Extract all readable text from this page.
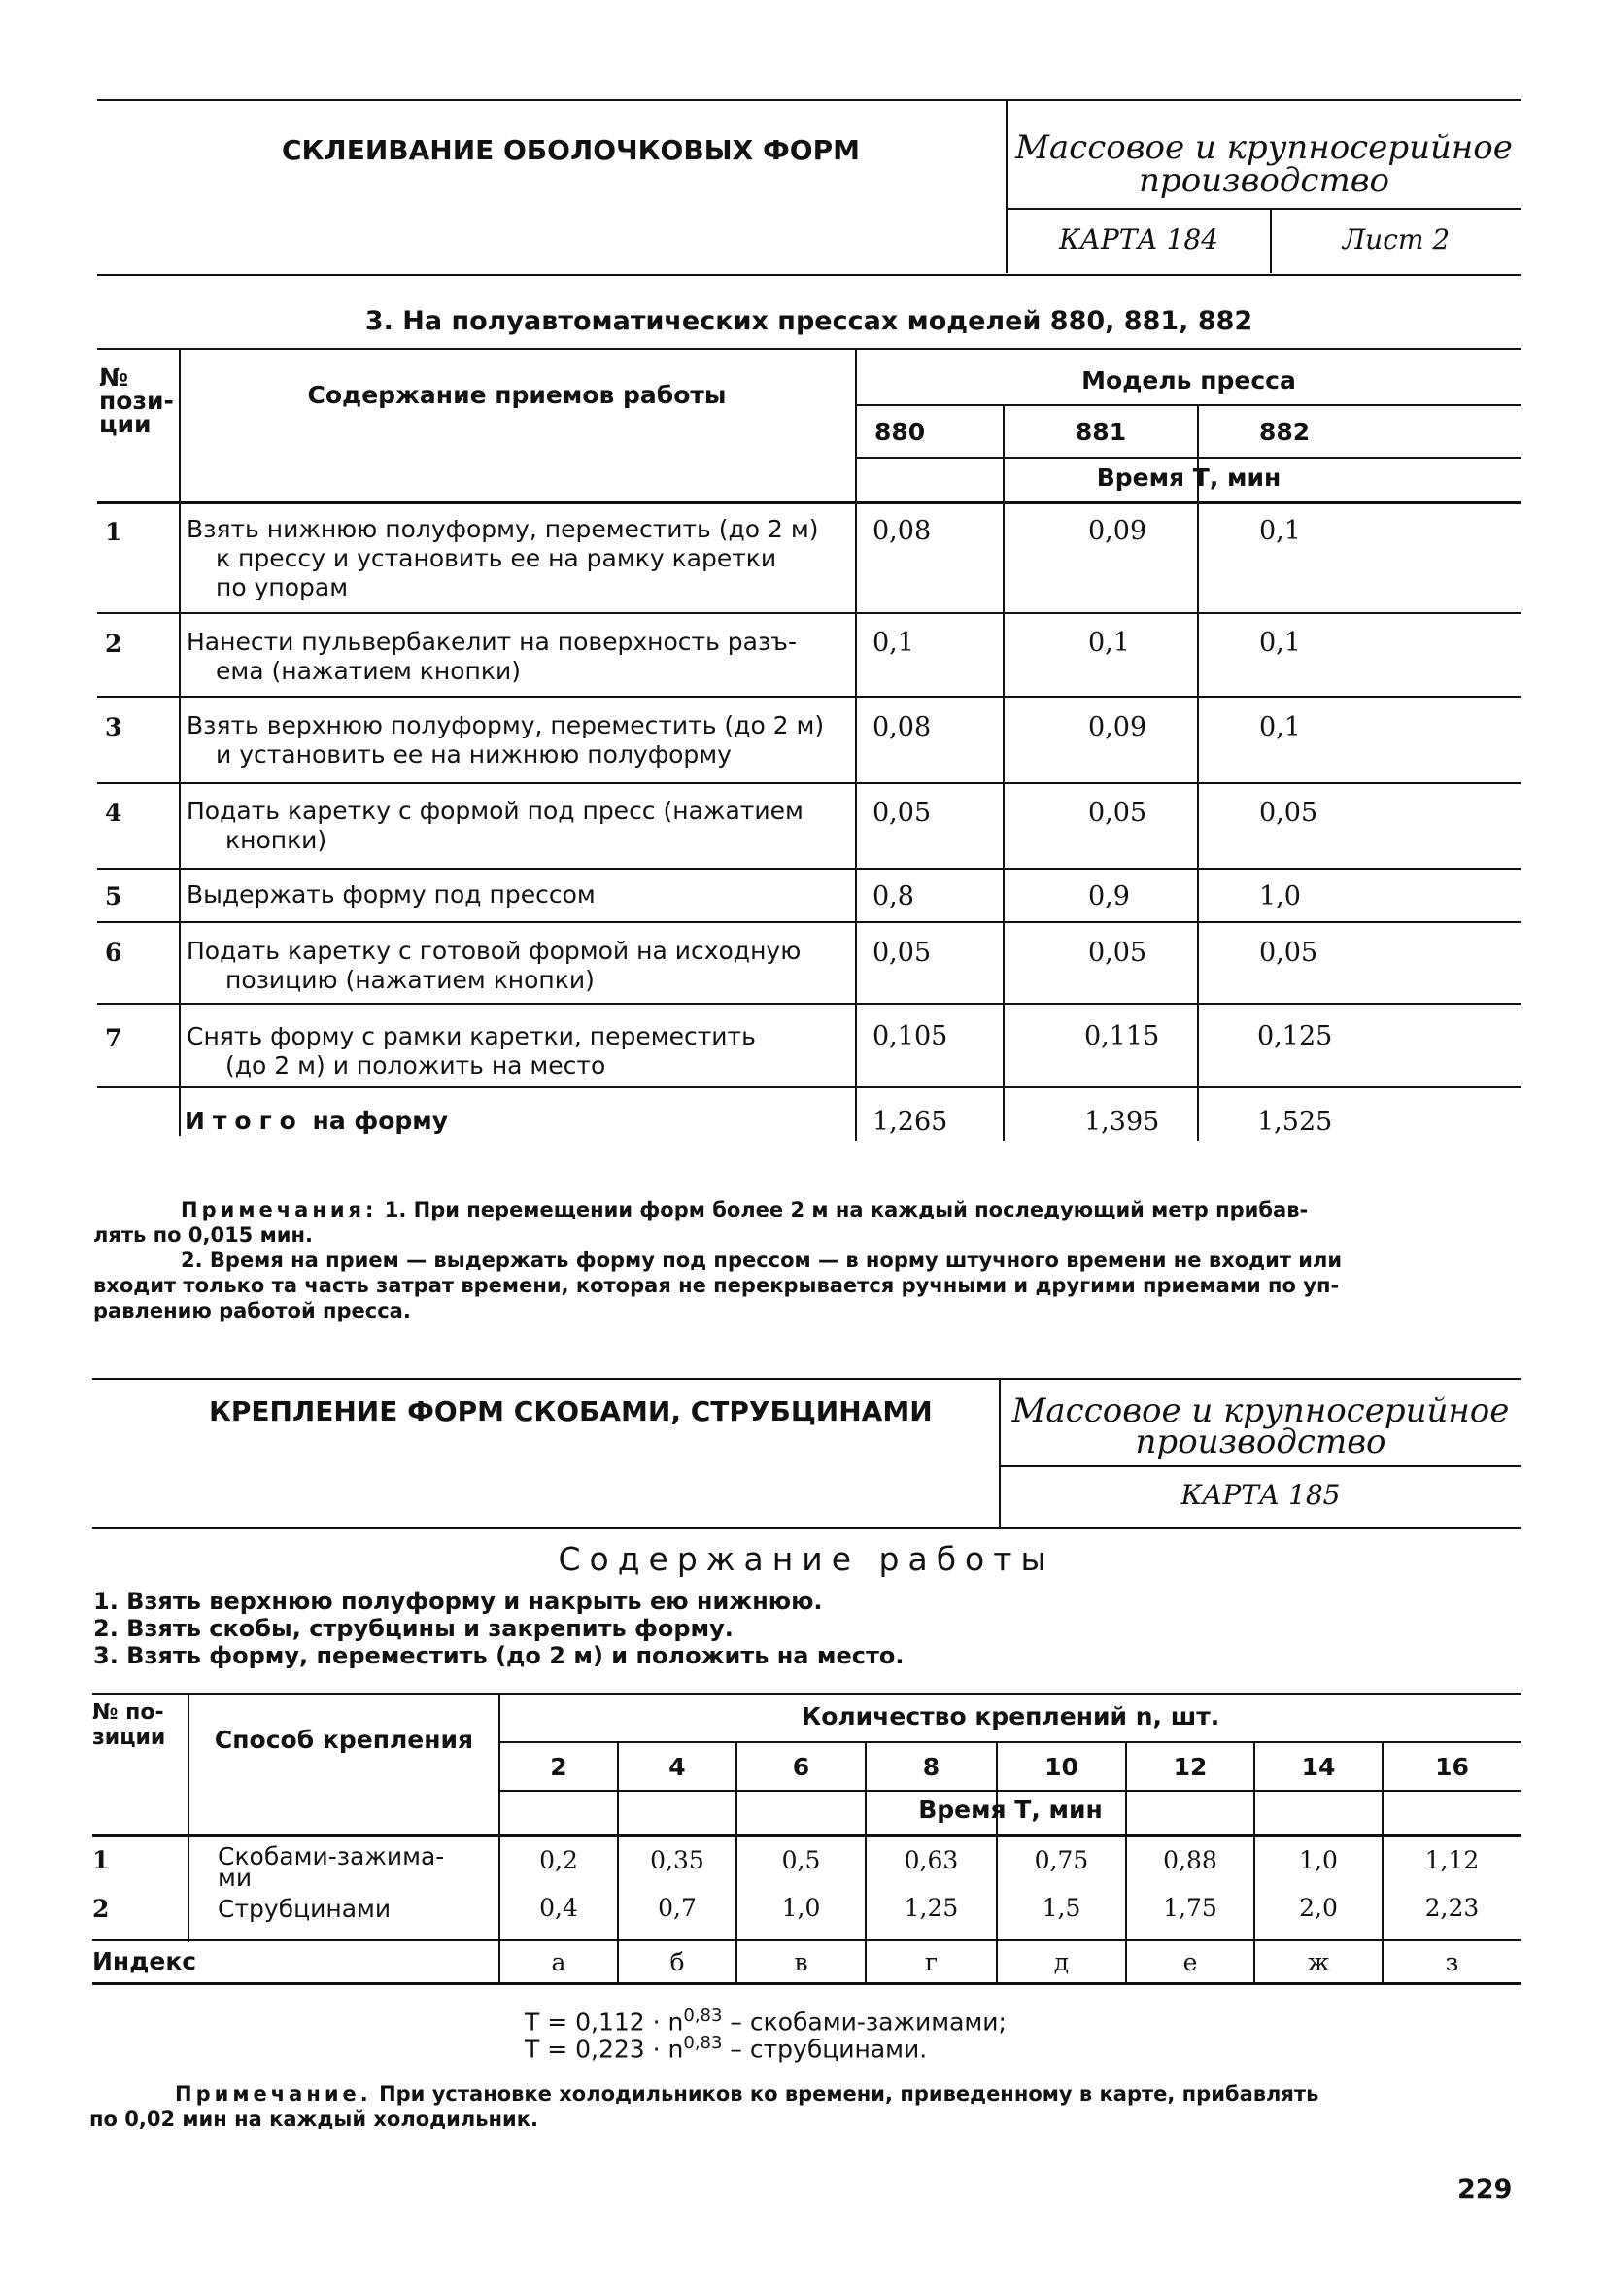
СКЛЕИВАНИЕ ОБОЛОЧКОВЫХ ФОРМ	Массовое и крупносерийное
производство
КАРТА 184	Лист 2
3. На полуавтоматических прессах моделей 880, 881, 882
№
пози-
ции
Содержание приемов работы
Модель пресса
880	881	882
Время Т, мин
1	Взять нижнюю полуформу, переместить (до 2 м)
к прессу и установить ее на рамку каретки
по упорам
0,08	0,09	0,1
2	Нанести пульвербакелит на поверхность разъ-
ема (нажатием кнопки)
0,1	0,1	0,1
3	Взять верхнюю полуформу, переместить (до 2 м)
и установить ее на нижнюю полуформу
0,08	0,09	0,1
4	Подать каретку с формой под пресс (нажатием
кнопки)
0,05	0,05	0,05
5	Выдержать форму под прессом	0,8	0,9	1,0
6	Подать каретку с готовой формой на исходную
позицию (нажатием кнопки)
0,05	0,05	0,05
7	Снять форму с рамки каретки, переместить
(до 2 м) и положить на место
0,105	0,115	0,125
Итого на форму	1,265	1,395	1,525
Примечания: 1. При перемещении форм более 2 м на каждый последующий метр прибав-
лять по 0,015 мин.
2. Время на прием — выдержать форму под прессом — в норму штучного времени не входит или
входит только та часть затрат времени, которая не перекрывается ручными и другими приемами по уп-
равлению работой пресса.
КРЕПЛЕНИЕ ФОРМ СКОБАМИ, СТРУБЦИНАМИ	Массовое и крупносерийное
производство
КАРТА 185
Содержание работы
1. Взять верхнюю полуформу и накрыть ею нижнюю.
2. Взять скобы, струбцины и закрепить форму.
3. Взять форму, переместить (до 2 м) и положить на место.
№ по-
зиции	Способ крепления
Количество креплений n, шт.
2	4	6	8	10	12	14	16
Время Т, мин
1	Скобами-зажима-
ми
0,2	0,35	0,5	0,63	0,75	0,88	1,0	1,12
2	Струбцинами	0,4	0,7	1,0	1,25	1,5	1,75	2,0	2,23
Индекс	а	б	в	г	д	е	ж	з
$T = 0,112 \cdot n^{0,83}$ – скобами-зажимами;
$T = 0,223 \cdot n^{0,83}$ – струбцинами.
Примечание. При установке холодильников ко времени, приведенному в карте, прибавлять
по 0,02 мин на каждый холодильник.
229
